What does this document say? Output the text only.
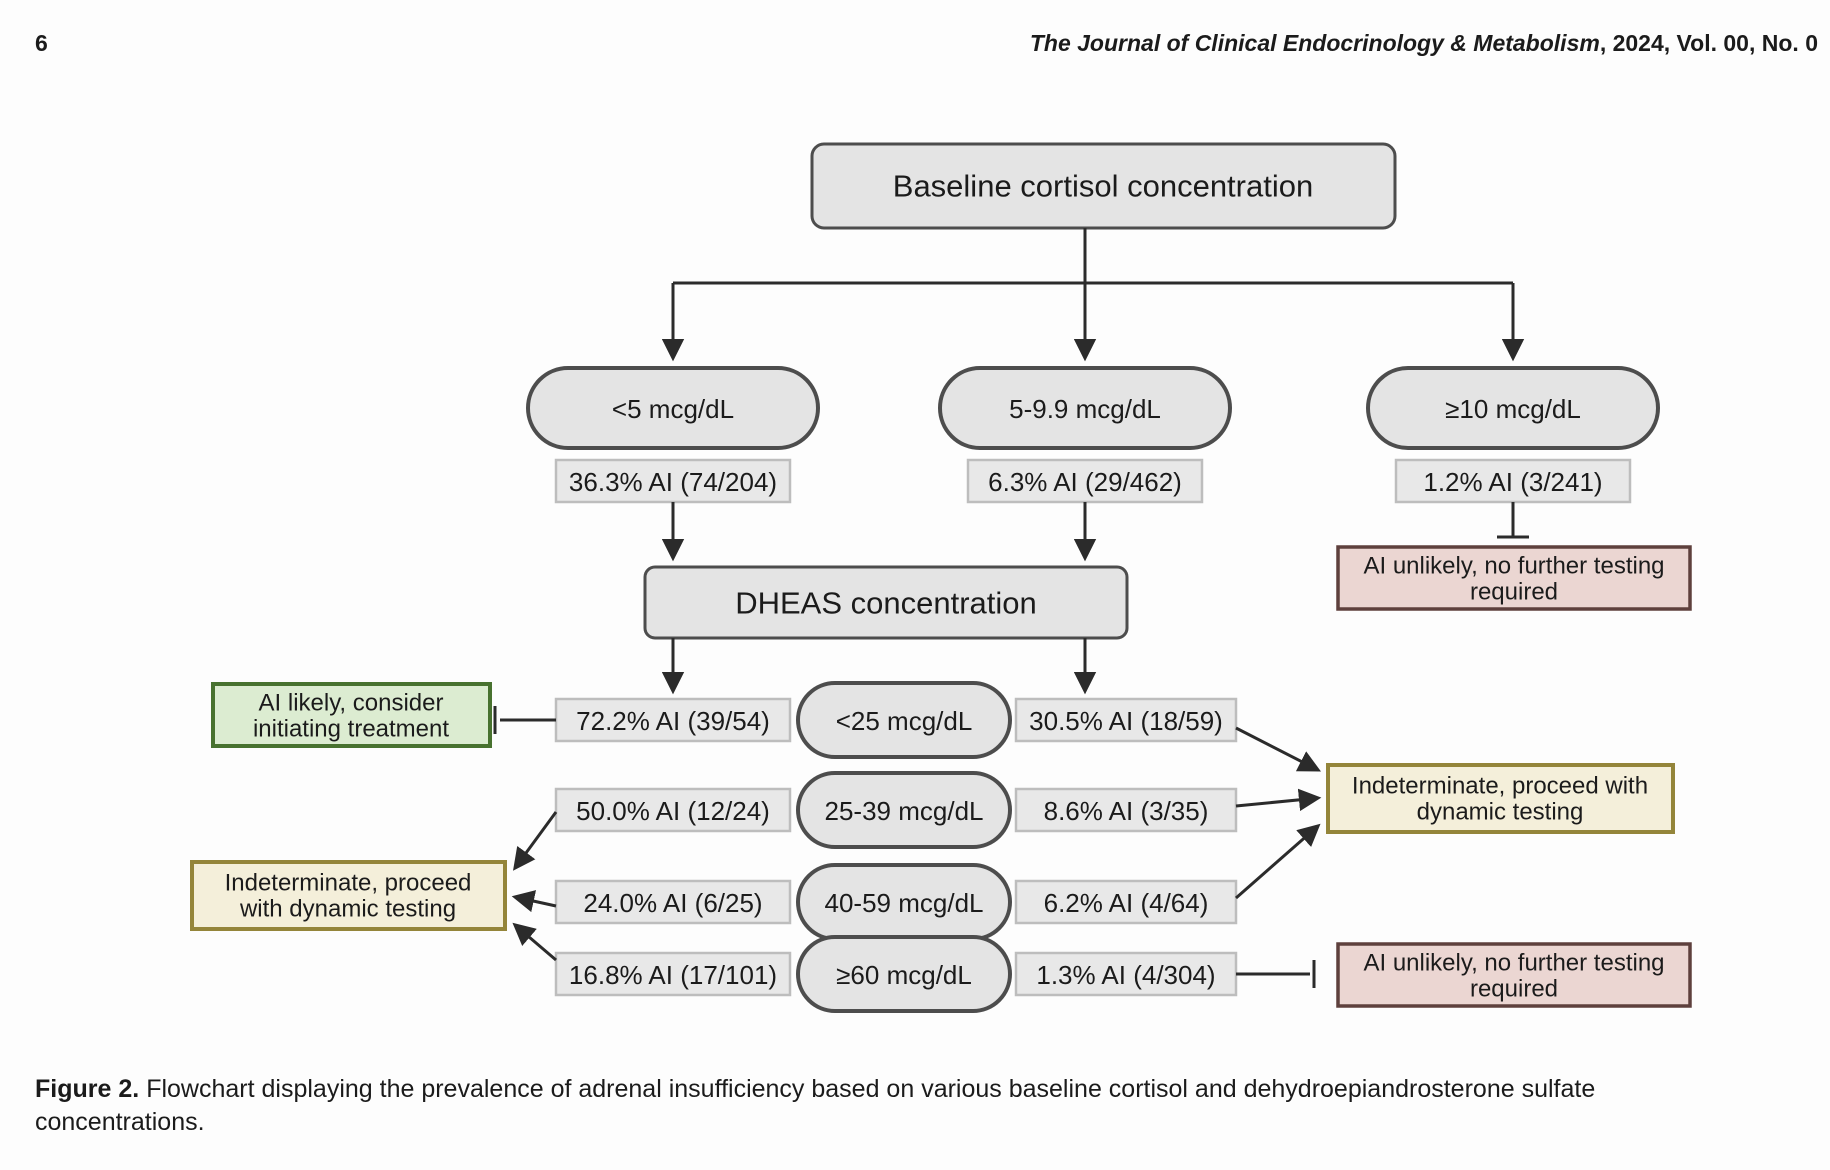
6	The Journal of Clinical Endocrinology & Metabolism, 2024, Vol. 00, No. 0
Baseline cortisol concentration
<5 mcg/dL	5-9.9 mcg/dL	≥10 mcg/dL
36.3% AI (74/204)	6.3% AI (29/462)	1.2% AI (3/241)
AI unlikely, no further testing
required
DHEAS concentration
72.2% AI (39/54)	<25 mcg/dL 30.5% AI (18/59)
50.0% AI (12/24) 25-39 mcg/dL 8.6% AI (3/35)
24.0% AI (6/25) 40-59 mcg/dL 6.2% AI (4/64)
16.8% AI (17/101) ≥60 mcg/dL 1.3% AI (4/304)
AI likely, consider
initiating treatment
Indeterminate, proceed
with dynamic testing
Indeterminate, proceed with
dynamic testing
AI unlikely, no further testing
required

Figure 2. Flowchart displaying the prevalence of adrenal insufficiency based on various baseline cortisol and dehydroepiandrosterone sulfate concentrations.
